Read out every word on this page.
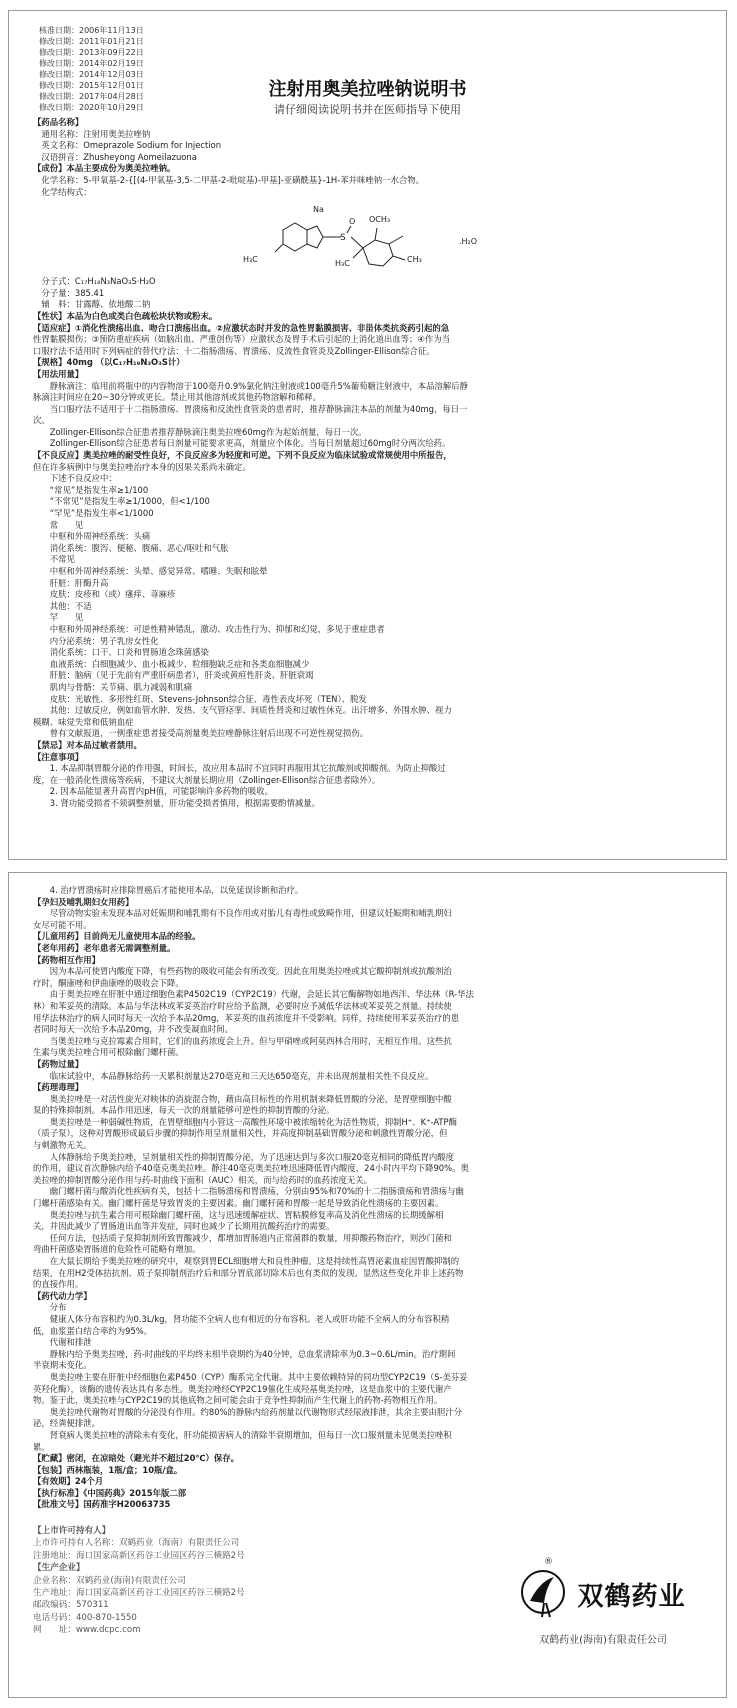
核准日期：2006年11月13日
修改日期：2011年01月21日
修改日期：2013年09月22日
修改日期：2014年02月19日
修改日期：2014年12月03日
修改日期：2015年12月01日
修改日期：2017年04月28日
修改日期：2020年10月29日
注射用奥美拉唑钠说明书
请仔细阅读说明书并在医师指导下使用
【药品名称】
　通用名称：注射用奥美拉唑钠
　英文名称：Omeprazole Sodium for Injection
　汉语拼音：Zhusheyong Aomeilazuona
【成份】本品主要成份为奥美拉唑钠。
　化学名称：5-甲氧基-2-{[(4-甲氧基-3,5-二甲基-2-吡啶基)-甲基]-亚磺酰基}-1H-苯并咪唑钠一水合物。
　化学结构式：
Na
S
O
H₃C	H₃C
OCH₃
CH₃
.H₂O
　分子式：C₁₇H₁₈N₃NaO₃S·H₂O
　分子量：385.41
　辅　料：甘露醇、依地酸二钠
【性状】本品为白色或类白色疏松块状物或粉末。
【适应症】①消化性溃疡出血、吻合口溃疡出血。②应激状态时并发的急性胃黏膜损害、非甾体类抗炎药引起的急
性胃黏膜损伤；③预防重症疾病（如脑出血、严重创伤等）应激状态及胃手术后引起的上消化道出血等；④作为当
口服疗法不适用时下列病症的替代疗法：十二指肠溃疡、胃溃疡、反流性食管炎及Zollinger-Ellison综合征。
【规格】40mg （以C₁₇H₁₉N₃O₃S计）
【用法用量】
　　静脉滴注：临用前将瓶中的内容物溶于100毫升0.9%氯化钠注射液或100毫升5%葡萄糖注射液中，本品溶解后静
脉滴注时间应在20~30分钟或更长。禁止用其他溶剂或其他药物溶解和稀释。
　　当口服疗法不适用于十二指肠溃疡、胃溃疡和反流性食管炎的患者时，推荐静脉滴注本品的剂量为40mg，每日一
次。
　　Zollinger-Ellison综合征患者推荐静脉滴注奥美拉唑60mg作为起始剂量，每日一次。
　　Zollinger-Ellison综合征患者每日剂量可能要求更高，剂量应个体化。当每日剂量超过60mg时分两次给药。
【不良反应】奥美拉唑的耐受性良好，不良反应多为轻度和可逆。下列不良反应为临床试验或常规使用中所报告，
但在许多病例中与奥美拉唑治疗本身的因果关系尚未确定。
　　下述不良反应中：
　　“常见”是指发生率≥1/100
　　“不常见”是指发生率≥1/1000，但<1/100
　　“罕见”是指发生率<1/1000
　　常　　见
　　中枢和外周神经系统：头痛
　　消化系统：腹泻、便秘、腹痛、恶心/呕吐和气胀
　　不常见
　　中枢和外周神经系统：头晕、感觉异常、嗜睡、失眠和眩晕
　　肝脏：肝酶升高
　　皮肤：皮疹和（或）瘙痒、荨麻疹
　　其他：不适
　　罕　　见
　　中枢和外周神经系统：可逆性精神错乱，激动、攻击性行为、抑郁和幻觉，多见于重症患者
　　内分泌系统：男子乳房女性化
　　消化系统：口干、口炎和胃肠道念珠菌感染
　　血液系统：白细胞减少、血小板减少、粒细胞缺乏症和各类血细胞减少
　　肝脏：脑病（见于先前有严重肝病患者），肝炎或黄疸性肝炎、肝脏衰竭
　　肌肉与骨骼：关节痛、肌力减弱和肌痛
　　皮肤：光敏性、多形性红斑、Stevens-Johnson综合征、毒性表皮坏死（TEN）、脱发
　　其他：过敏反应，例如血管水肿、发热、支气管痉挛、间质性肾炎和过敏性休克。出汗增多、外围水肿、视力
模糊、味觉失常和低钠血症
　　曾有文献报道，一例重症患者接受高剂量奥美拉唑静脉注射后出现不可逆性视觉损伤。
【禁忌】对本品过敏者禁用。
【注意事项】
　　1. 本品抑制胃酸分泌的作用强，时间长，故应用本品时不宜同时再服用其它抗酸剂或抑酸剂。为防止抑酸过
度，在一般消化性溃疡等疾病，不建议大剂量长期应用（Zollinger-Ellison综合征患者除外）。
　　2. 因本品能显著升高胃内pH值，可能影响许多药物的吸收。
　　3. 肾功能受损者不须调整剂量，肝功能受损者慎用，根据需要酌情减量。
　　4. 治疗胃溃疡时应排除胃癌后才能使用本品，以免延误诊断和治疗。
【孕妇及哺乳期妇女用药】
　　尽管动物实验未发现本品对妊娠期和哺乳期有不良作用或对胎儿有毒性或致畸作用，但建议妊娠期和哺乳期妇
女尽可能不用。
【儿童用药】目前尚无儿童使用本品的经验。
【老年用药】老年患者无需调整剂量。
【药物相互作用】
　　因为本品可使胃内酸度下降，有些药物的吸收可能会有所改变。因此在用奥美拉唑或其它酸抑制剂或抗酸剂治
疗时，酮康唑和伊曲康唑的吸收会下降。
　　由于奥美拉唑在肝脏中通过细胞色素P4502C19（CYP2C19）代谢，会延长其它酶解物如地西泮、华法林（R-华法
林）和苯妥英的清除。本品与华法林或苯妥英治疗时应给予监测，必要时应予减低华法林或苯妥英之剂量。持续使
用华法林治疗的病人同时每天一次给予本品20mg，苯妥英的血药浓度并不受影响。同样，持续使用苯妥英治疗的患
者同时每天一次给予本品20mg，并不改变凝血时间。
　　当奥美拉唑与克拉霉素合用时，它们的血药浓度会上升。但与甲硝唑或阿莫西林合用时，无相互作用。这些抗
生素与奥美拉唑合用可根除幽门螺杆菌。
【药物过量】
　　临床试验中，本品静脉给药一天累积剂量达270毫克和三天达650毫克，并未出现剂量相关性不良反应。
【药理毒理】
　　奥美拉唑是一对活性旋光对映体的消旋混合物，藉由高目标性的作用机制来降低胃酸的分泌，是胃壁细胞中酸
泵的特殊抑制剂。本品作用迅速，每天一次的剂量能够可逆性的抑制胃酸的分泌。
　　奥美拉唑是一种弱碱性物质，在胃壁细胞内小管这一高酸性环境中被浓缩转化为活性物质，抑制H⁺、K⁺-ATP酶
（质子泵），这种对胃酸形成最后步骤的抑制作用呈剂量相关性，并高度抑制基础胃酸分泌和刺激性胃酸分泌，但
与刺激物无关。
　　人体静脉给予奥美拉唑，呈剂量相关性的抑制胃酸分泌，为了迅速达到与多次口服20毫克相同的降低胃内酸度
的作用，建议首次静脉内给予40毫克奥美拉唑。静注40毫克奥美拉唑迅速降低胃内酸度，24小时内平均下降90%。奥
美拉唑的抑制胃酸分泌作用与药-时曲线下面积（AUC）相关，而与给药时的血药浓度无关。
　　幽门螺杆菌与酸消化性疾病有关，包括十二指肠溃疡和胃溃疡，分别由95%和70%的十二指肠溃疡和胃溃疡与幽
门螺杆菌感染有关。幽门螺杆菌是导致胃炎的主要因素。幽门螺杆菌和胃酸一起是导致消化性溃疡的主要因素。
　　奥美拉唑与抗生素合用可根除幽门螺杆菌，这与迅速缓解症状、胃粘膜修复率高及消化性溃疡的长期缓解相
关，并因此减少了胃肠道出血等并发症，同时也减少了长期用抗酸药治疗的需要。
　　任何方法，包括质子泵抑制剂所致胃酸减少，都增加胃肠道内正常菌群的数量，用抑酸药物治疗，则沙门菌和
弯曲杆菌感染胃肠道的危险性可能略有增加。
　　在大鼠长期给予奥美拉唑的研究中，观察到胃ECL细胞增大和良性肿瘤。这是持续性高胃泌素血症因胃酸抑制的
结果，在用H2受体拮抗剂、质子泵抑制剂治疗后和部分胃底部切除术后也有类似的发现。显然这些变化并非上述药物
的直接作用。
【药代动力学】
　　分布
　　健康人体分布容积约为0.3L/kg，肾功能不全病人也有相近的分布容积。老人或肝功能不全病人的分布容积稍
低，血浆蛋白结合率约为95%。
　　代谢和排泄
　　静脉内给予奥美拉唑，药-时曲线的平均终末相半衰期约为40分钟，总血浆清除率为0.3~0.6L/min。治疗期间
半衰期未变化。
　　奥美拉唑主要在肝脏中经细胞色素P450（CYP）酶系完全代谢。其中主要依赖特异的同功型CYP2C19（S-美芬妥
英羟化酶），该酶的遗传表达具有多态性。奥美拉唑经CYP2C19催化生成羟基奥美拉唑，这是血浆中的主要代谢产
物。鉴于此，奥美拉唑与CYP2C19的其他底物之间可能会由于竞争性抑制而产生代谢上的药物-药物相互作用。
　　奥美拉唑代谢物对胃酸的分泌没有作用。约80%的静脉内给药剂量以代谢物形式经尿液排泄，其余主要由胆汁分
泌，经粪便排泄。
　　肾衰病人奥美拉唑的清除未有变化，肝功能损害病人的清除半衰期增加，但每日一次口服剂量未见奥美拉唑积
累。
【贮藏】密闭，在凉暗处（避光并不超过20℃）保存。
【包装】西林瓶装，1瓶/盒；10瓶/盒。
【有效期】24个月
【执行标准】《中国药典》2015年版二部
【批准文号】国药准字H20063735
【上市许可持有人】
上市许可持有人名称：双鹤药业（海南）有限责任公司
注册地址：海口国家高新区药谷工业园区药谷三横路2号
【生产企业】
企业名称：双鹤药业(海南)有限责任公司
生产地址：海口国家高新区药谷工业园区药谷三横路2号
邮政编码：570311
电话号码：400-870-1550
网　　址：www.dcpc.com
双鹤药业
®
双鹤药业(海南)有限责任公司
